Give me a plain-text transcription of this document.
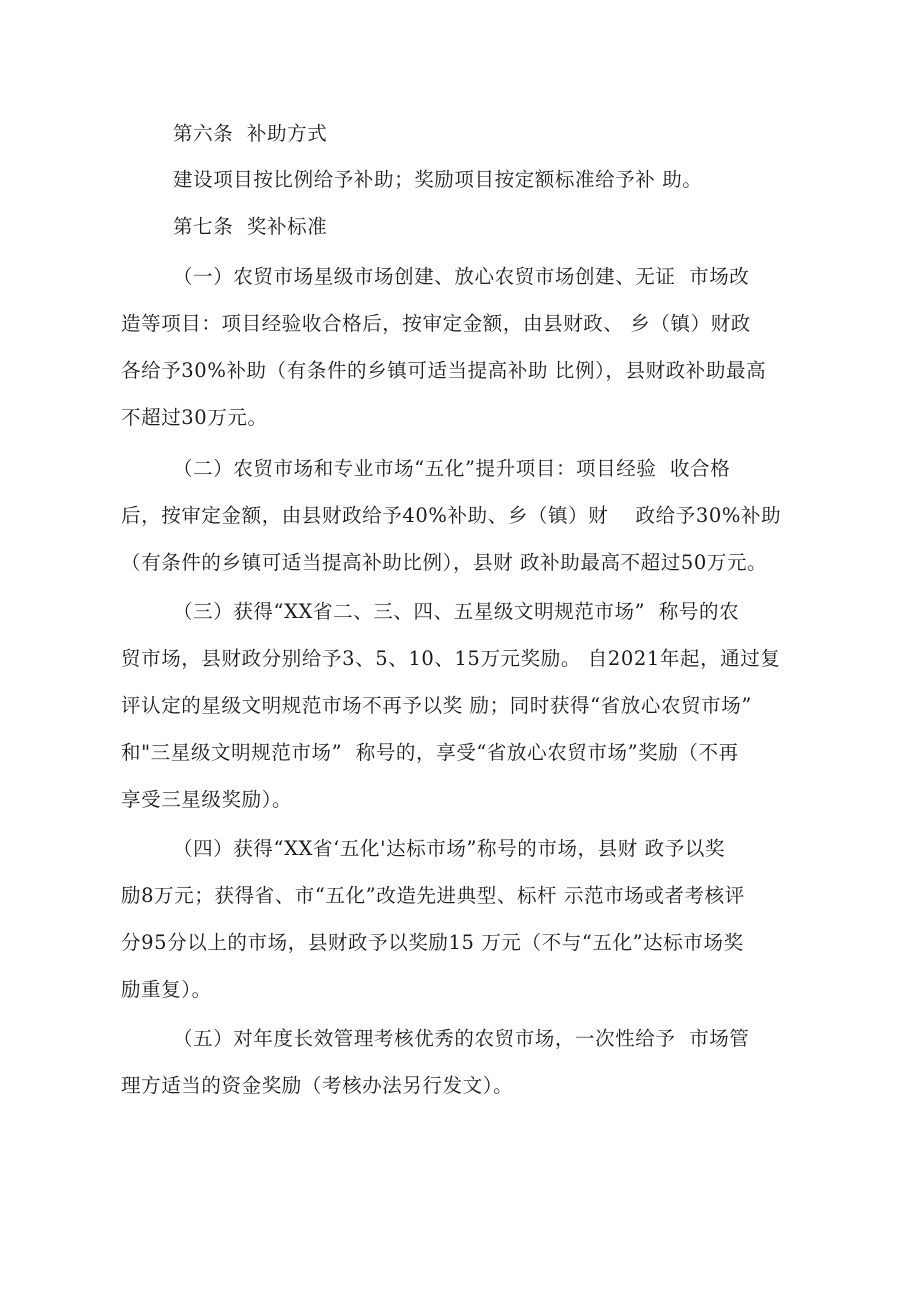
第六条  补助方式
建设项目按比例给予补助；奖励项目按定额标准给予补 助。
第七条  奖补标准
（一）农贸市场星级市场创建、放心农贸市场创建、无证  市场改
造等项目：项目经验收合格后，按审定金额，由县财政、 乡（镇）财政
各给予30%补助（有条件的乡镇可适当提高补助 比例），县财政补助最高
不超过30万元。
（二）农贸市场和专业市场“五化”提升项目：项目经验  收合格
后，按审定金额，由县财政给予40%补助、乡（镇）财    政给予30%补助
（有条件的乡镇可适当提高补助比例），县财 政补助最高不超过50万元。
（三）获得“XX省二、三、四、五星级文明规范市场”  称号的农
贸市场，县财政分别给予3、5、10、15万元奖励。 自2021年起，通过复
评认定的星级文明规范市场不再予以奖 励；同时获得“省放心农贸市场”
和"三星级文明规范市场”  称号的，享受“省放心农贸市场”奖励（不再
享受三星级奖励）。
（四）获得“XX省‘五化'达标市场”称号的市场，县财 政予以奖
励8万元；获得省、市“五化”改造先进典型、标杆 示范市场或者考核评
分95分以上的市场，县财政予以奖励15 万元（不与“五化”达标市场奖
励重复）。
（五）对年度长效管理考核优秀的农贸市场，一次性给予  市场管
理方适当的资金奖励（考核办法另行发文）。
